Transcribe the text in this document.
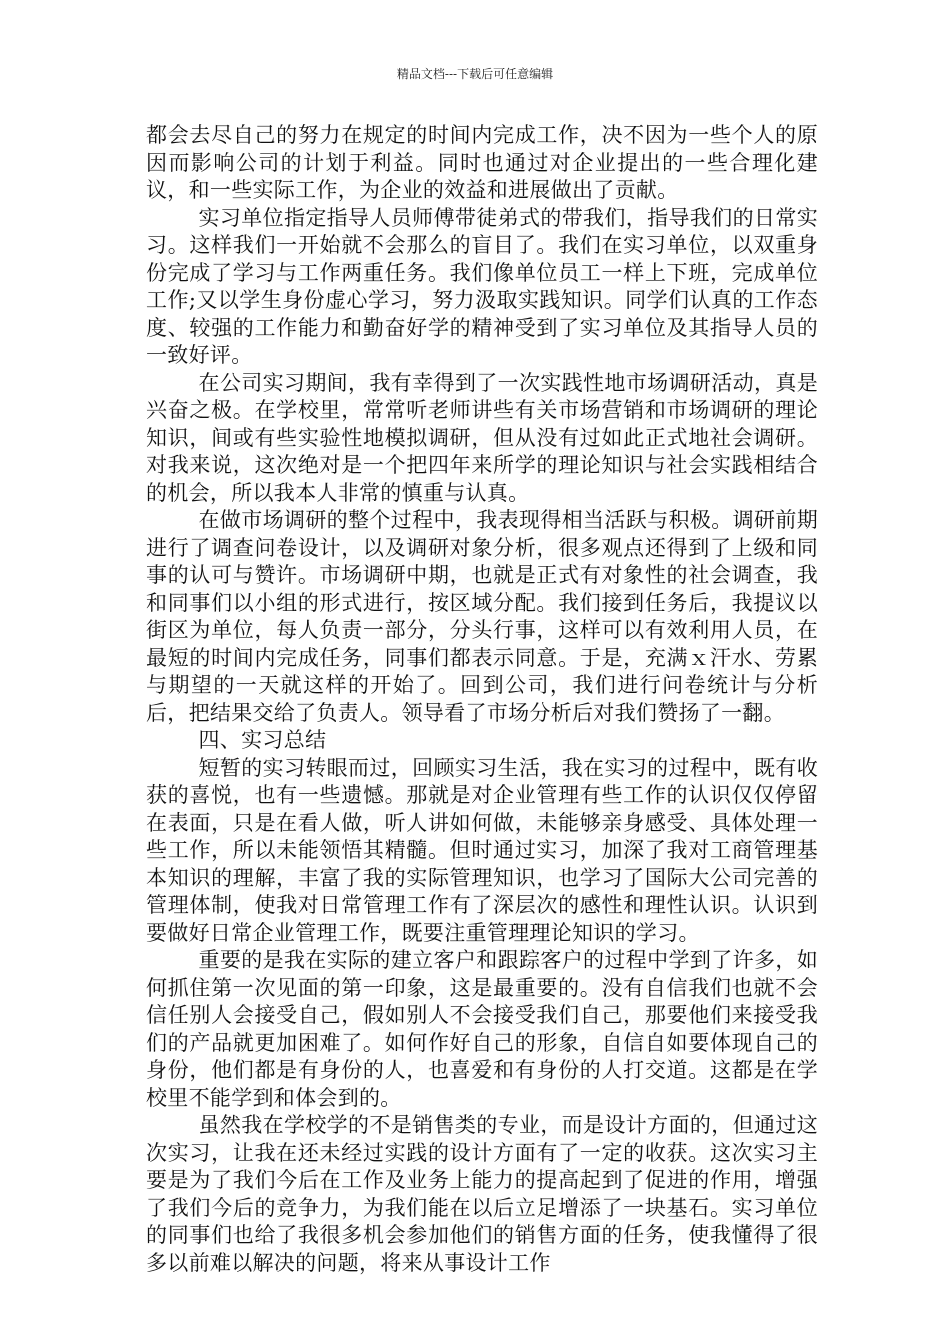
精品文档---下载后可任意编辑

都会去尽自己的努力在规定的时间内完成工作，决不因为一些个人的原因而影响公司的计划于利益。同时也通过对企业提出的一些合理化建议，和一些实际工作，为企业的效益和进展做出了贡献。

实习单位指定指导人员师傅带徒弟式的带我们，指导我们的日常实习。这样我们一开始就不会那么的盲目了。我们在实习单位，以双重身份完成了学习与工作两重任务。我们像单位员工一样上下班，完成单位工作;又以学生身份虚心学习，努力汲取实践知识。同学们认真的工作态度、较强的工作能力和勤奋好学的精神受到了实习单位及其指导人员的一致好评。

在公司实习期间，我有幸得到了一次实践性地市场调研活动，真是兴奋之极。在学校里，常常听老师讲些有关市场营销和市场调研的理论知识，间或有些实验性地模拟调研，但从没有过如此正式地社会调研。对我来说，这次绝对是一个把四年来所学的理论知识与社会实践相结合的机会，所以我本人非常的慎重与认真。

在做市场调研的整个过程中，我表现得相当活跃与积极。调研前期进行了调查问卷设计，以及调研对象分析，很多观点还得到了上级和同事的认可与赞许。市场调研中期，也就是正式有对象性的社会调查，我和同事们以小组的形式进行，按区域分配。我们接到任务后，我提议以街区为单位，每人负责一部分，分头行事，这样可以有效利用人员，在最短的时间内完成任务，同事们都表示同意。于是，充满ｘ汗水、劳累与期望的一天就这样的开始了。回到公司，我们进行问卷统计与分析后，把结果交给了负责人。领导看了市场分析后对我们赞扬了一翻。

四、实习总结

短暂的实习转眼而过，回顾实习生活，我在实习的过程中，既有收获的喜悦，也有一些遗憾。那就是对企业管理有些工作的认识仅仅停留在表面，只是在看人做，听人讲如何做，未能够亲身感受、具体处理一些工作，所以未能领悟其精髓。但时通过实习，加深了我对工商管理基本知识的理解，丰富了我的实际管理知识，也学习了国际大公司完善的管理体制，使我对日常管理工作有了深层次的感性和理性认识。认识到要做好日常企业管理工作，既要注重管理理论知识的学习。

重要的是我在实际的建立客户和跟踪客户的过程中学到了许多，如何抓住第一次见面的第一印象，这是最重要的。没有自信我们也就不会信任别人会接受自己，假如别人不会接受我们自己，那要他们来接受我们的产品就更加困难了。如何作好自己的形象，自信自如要体现自己的身份，他们都是有身份的人，也喜爱和有身份的人打交道。这都是在学校里不能学到和体会到的。

虽然我在学校学的不是销售类的专业，而是设计方面的，但通过这次实习，让我在还未经过实践的设计方面有了一定的收获。这次实习主要是为了我们今后在工作及业务上能力的提高起到了促进的作用，增强了我们今后的竞争力，为我们能在以后立足增添了一块基石。实习单位的同事们也给了我很多机会参加他们的销售方面的任务，使我懂得了很多以前难以解决的问题，将来从事设计工作
